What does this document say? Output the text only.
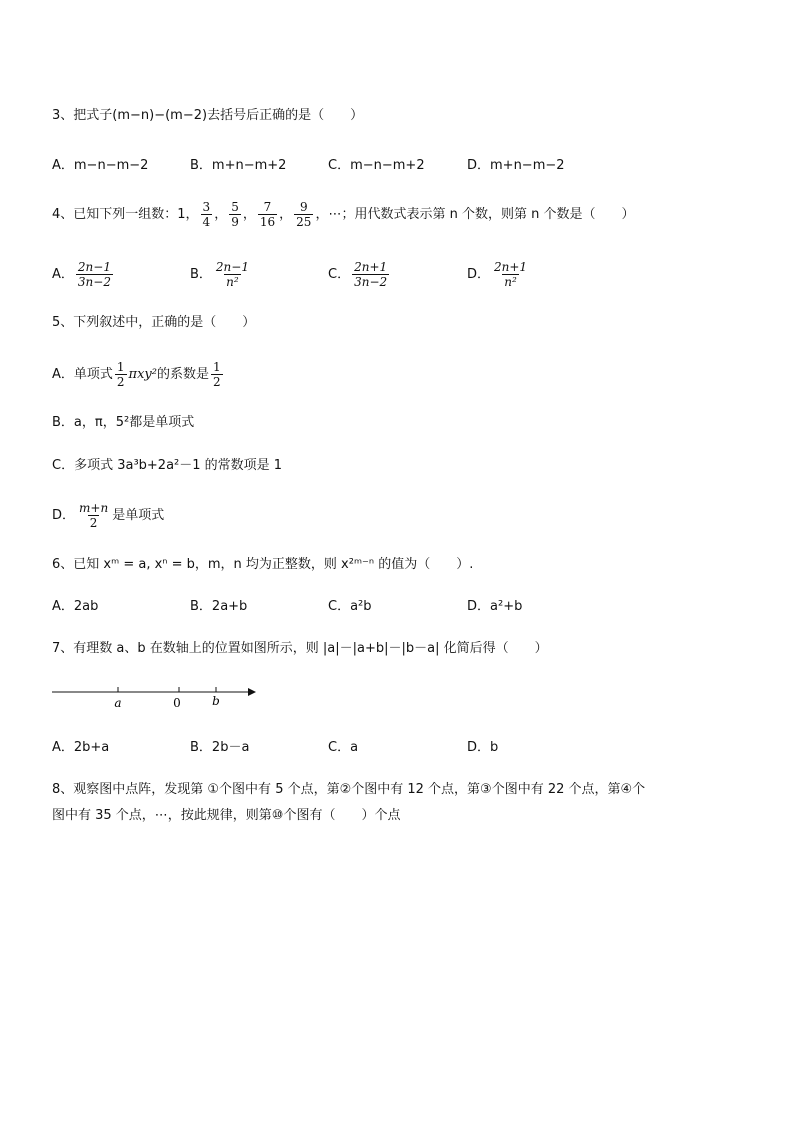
3、把式子(m−n)−(m−2)去括号后正确的是（　　）
A．m−n−m−2	B．m+n−m+2	C．m−n−m+2	D．m+n−m−2
4、已知下列一组数：1， $\frac{3}{4}$ ， $\frac{5}{9}$ ， $\frac{7}{16}$ ， $\frac{9}{25}$ ，⋯；用代数式表示第 n 个数，则第 n 个数是（　　）
A． $\frac{2n-1}{3n-2}$	B． $\frac{2n-1}{\text{n²}}$	C． $\frac{2n+1}{3n-2}$	D． $\frac{2n+1}{\text{n²}}$
5、下列叙述中，正确的是（　　）
A．单项式 $\frac{1}{2} \pi xy^2$的系数是 $\frac{1}{2}$
B．a，π，5²都是单项式
C．多项式 3a³b+2a²－1 的常数项是 1
D． $\frac{m+n}{2}$ 是单项式
6、已知 xᵐ = a, xⁿ = b，m，n 均为正整数，则 x²ᵐ⁻ⁿ 的值为（　　）.
A．2ab	B．2a+b	C．a²b	D．a²+b
7、有理数 a、b 在数轴上的位置如图所示，则 |a|－|a+b|－|b－a| 化简后得（　　）
a	0	b
A．2b+a	B．2b－a	C．a	D．b
8、观察图中点阵，发现第 ①个图中有 5 个点，第②个图中有 12 个点，第③个图中有 22 个点，第④个
图中有 35 个点，⋯，按此规律，则第⑩个图有（　　）个点
